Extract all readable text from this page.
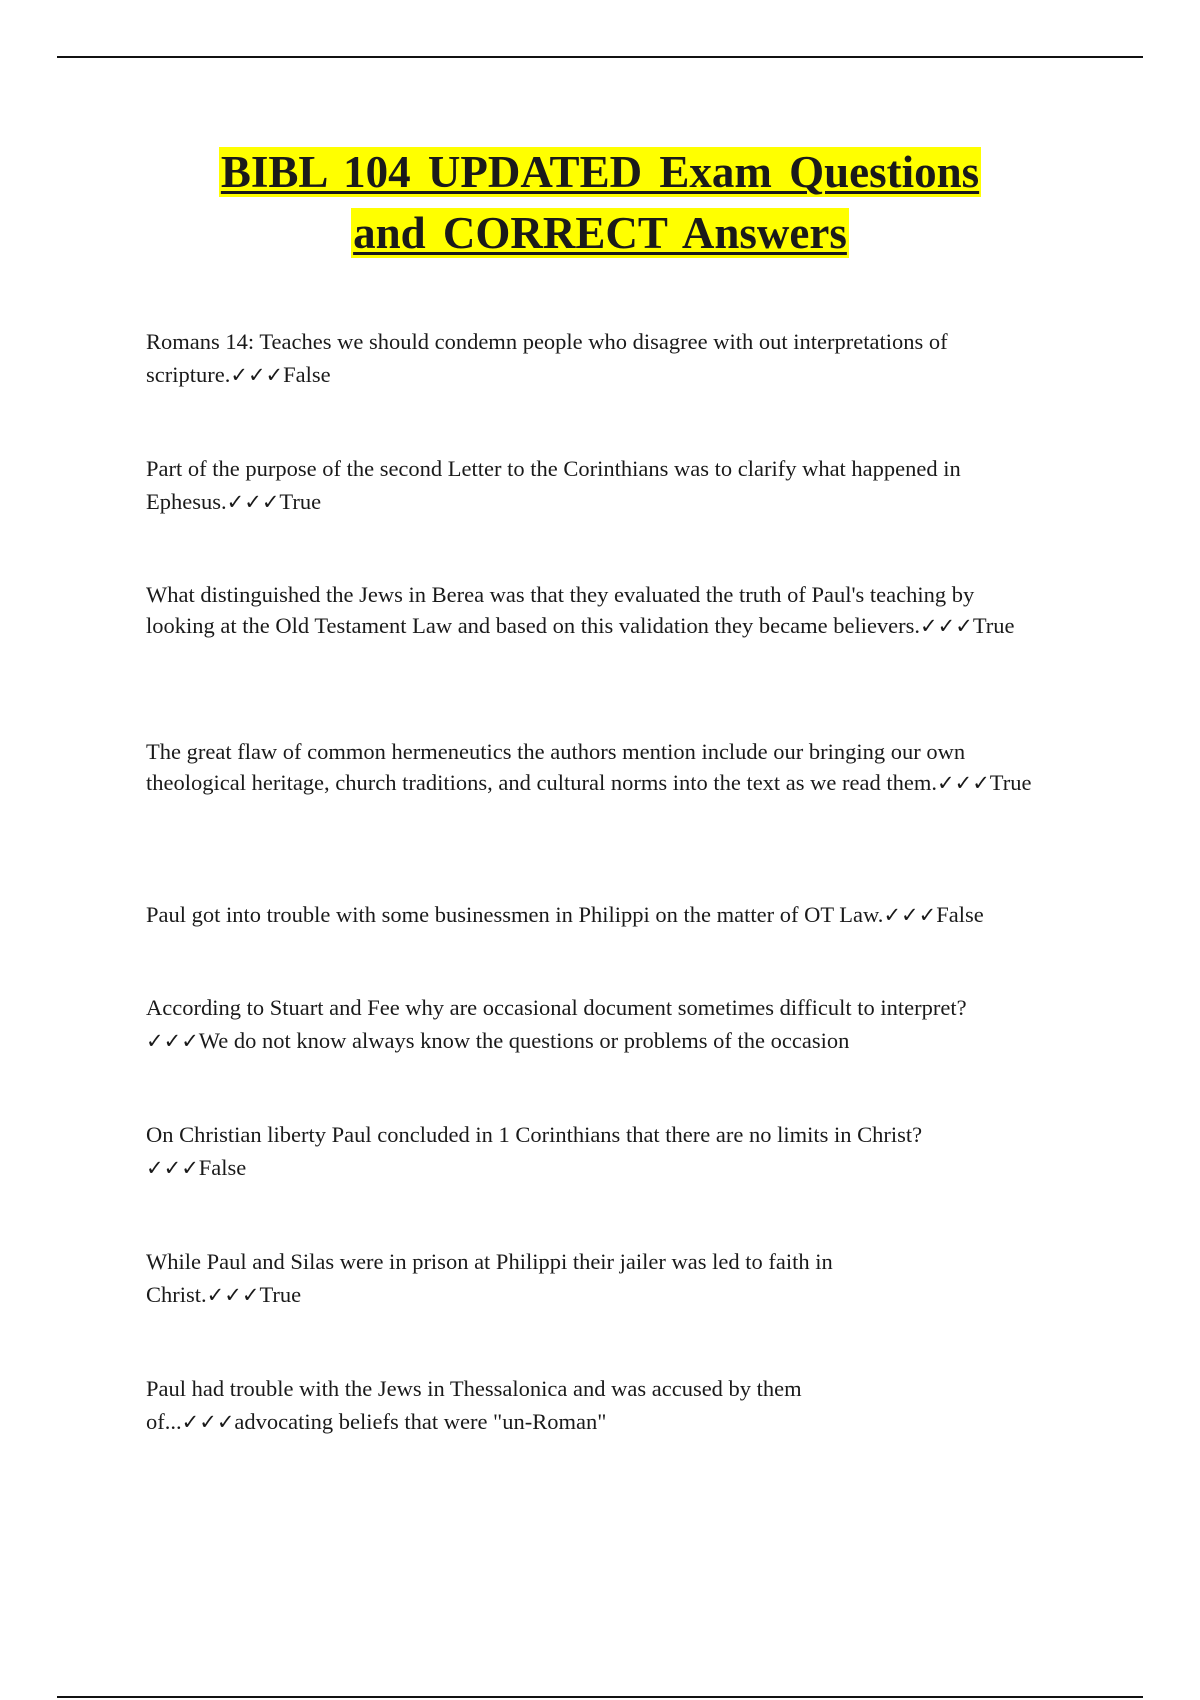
BIBL 104 UPDATED Exam Questions
and CORRECT Answers

Romans 14: Teaches we should condemn people who disagree with out interpretations of scripture.✓✓✓False

Part of the purpose of the second Letter to the Corinthians was to clarify what happened in Ephesus.✓✓✓True

What distinguished the Jews in Berea was that they evaluated the truth of Paul's teaching by looking at the Old Testament Law and based on this validation they became believers.✓✓✓True

The great flaw of common hermeneutics the authors mention include our bringing our own theological heritage, church traditions, and cultural norms into the text as we read them.✓✓✓True

Paul got into trouble with some businessmen in Philippi on the matter of OT Law.✓✓✓False

According to Stuart and Fee why are occasional document sometimes difficult to interpret?✓✓✓We do not know always know the questions or problems of the occasion

On Christian liberty Paul concluded in 1 Corinthians that there are no limits in Christ?✓✓✓False

While Paul and Silas were in prison at Philippi their jailer was led to faith in Christ.✓✓✓True

Paul had trouble with the Jews in Thessalonica and was accused by them of...✓✓✓advocating beliefs that were "un-Roman"
